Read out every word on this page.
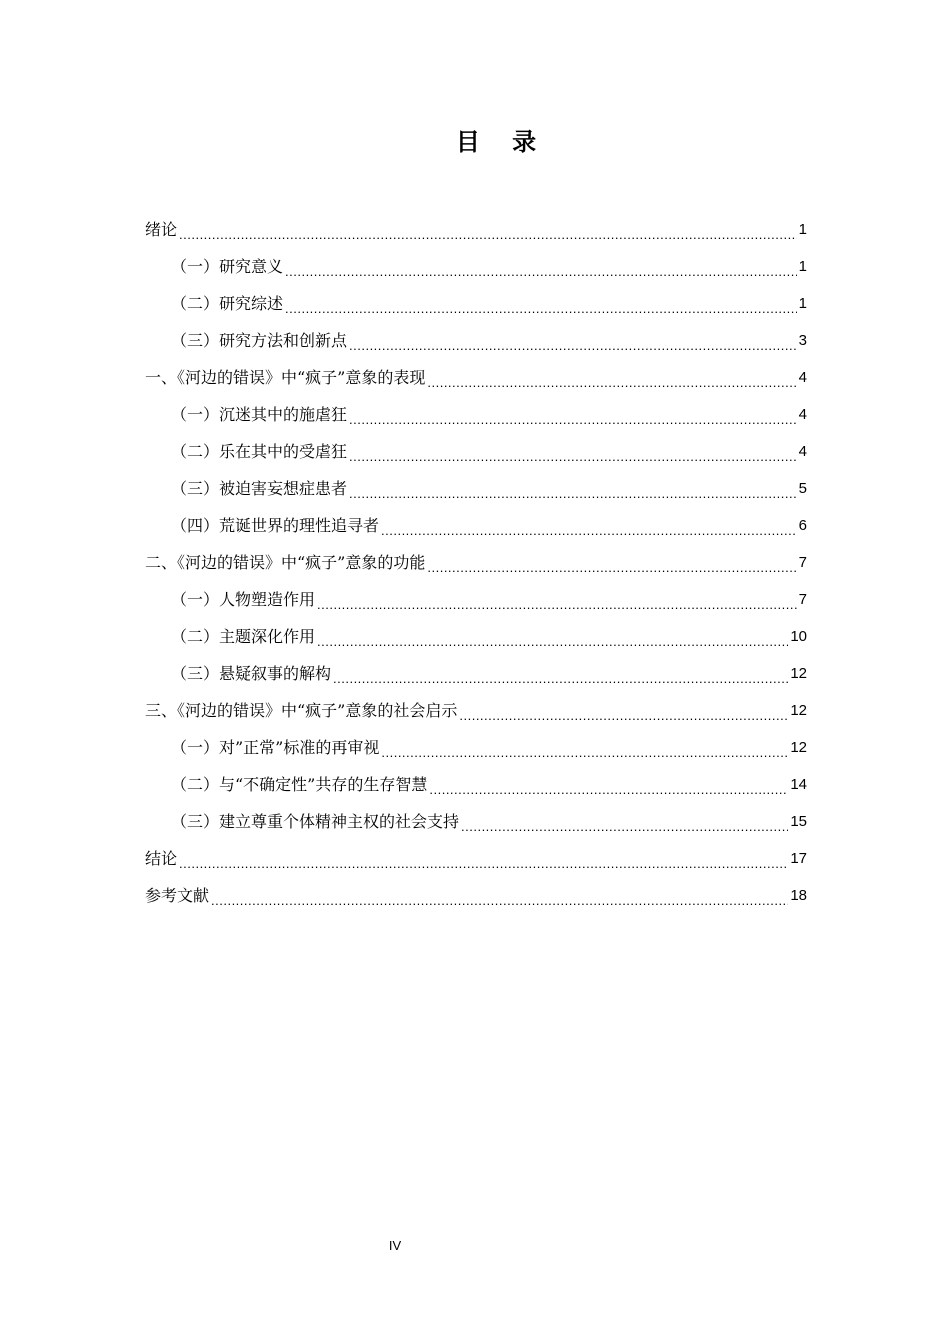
目 录
绪论 .....	1
（一）研究意义 .....	1
（二）研究综述 .....	1
（三）研究方法和创新点 .....	3
一、《河边的错误》中“疯子”意象的表现 .....	4
（一）沉迷其中的施虐狂 .....	4
（二）乐在其中的受虐狂 .....	4
（三）被迫害妄想症患者 .....	5
（四）荒诞世界的理性追寻者 .....	6
二、《河边的错误》中“疯子”意象的功能 .....	7
（一）人物塑造作用 .....	7
（二）主题深化作用 .....	10
（三）悬疑叙事的解构 .....	12
三、《河边的错误》中“疯子”意象的社会启示 .....	12
（一）对”正常”标准的再审视 .....	12
（二）与“不确定性”共存的生存智慧 .....	14
（三）建立尊重个体精神主权的社会支持 .....	15
结论 .....	17
参考文献 .....	18
IV
